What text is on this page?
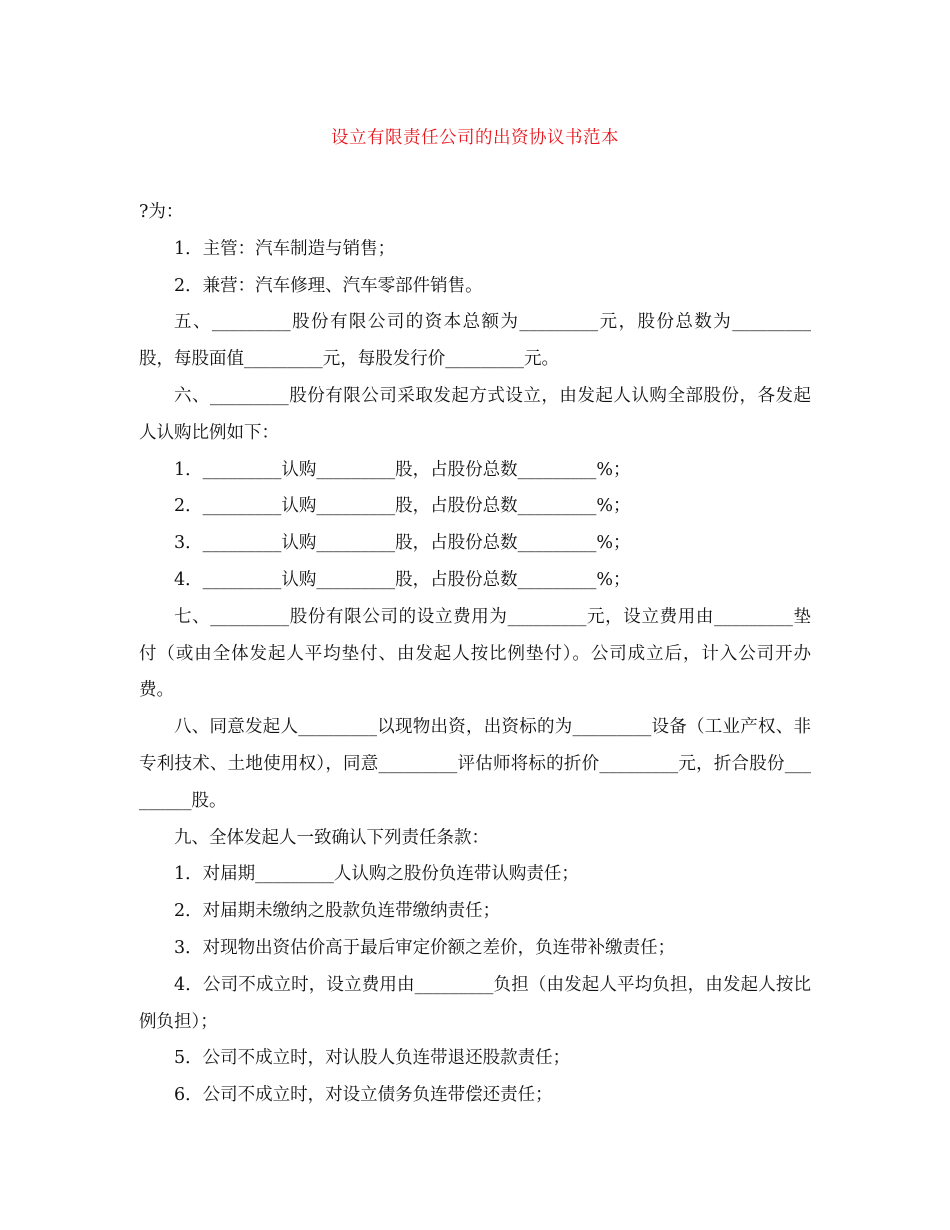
设立有限责任公司的出资协议书范本

?为：

1．主管：汽车制造与销售；

2．兼营：汽车修理、汽车零部件销售。

五、_________股份有限公司的资本总额为_________元，股份总数为_________股，每股面值_________元，每股发行价_________元。

六、_________股份有限公司采取发起方式设立，由发起人认购全部股份，各发起人认购比例如下：

1．_________认购_________股，占股份总数_________%；

2．_________认购_________股，占股份总数_________%；

3．_________认购_________股，占股份总数_________%；

4．_________认购_________股，占股份总数_________%；

七、_________股份有限公司的设立费用为_________元，设立费用由_________垫付（或由全体发起人平均垫付、由发起人按比例垫付）。公司成立后，计入公司开办费。

八、同意发起人_________以现物出资，出资标的为_________设备（工业产权、非专利技术、土地使用权），同意_________评估师将标的折价_________元，折合股份_________股。

九、全体发起人一致确认下列责任条款：

1．对届期_________人认购之股份负连带认购责任；

2．对届期未缴纳之股款负连带缴纳责任；

3．对现物出资估价高于最后审定价额之差价，负连带补缴责任；

4．公司不成立时，设立费用由_________负担（由发起人平均负担，由发起人按比例负担）；

5．公司不成立时，对认股人负连带退还股款责任；

6．公司不成立时，对设立债务负连带偿还责任；
